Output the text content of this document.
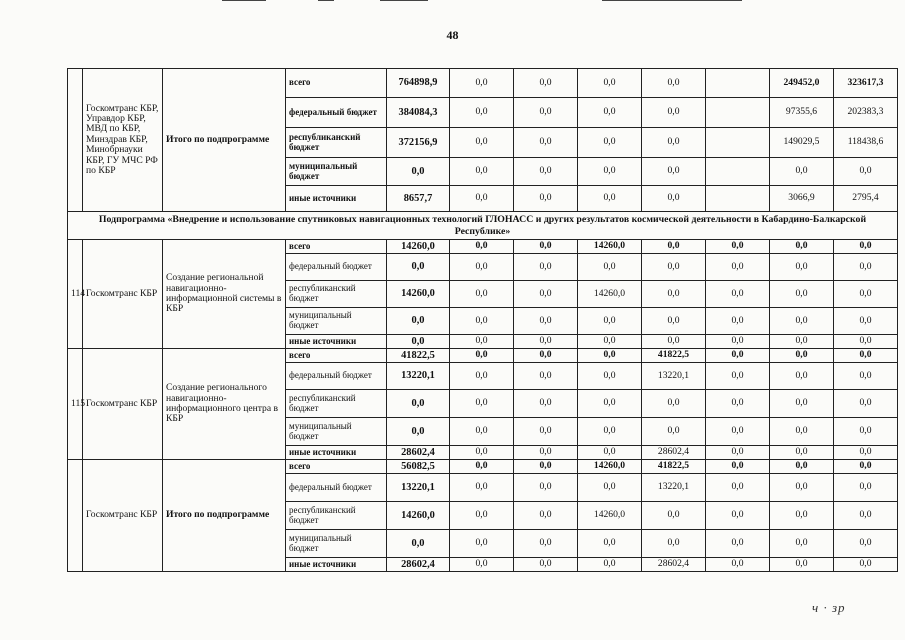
48
	Госкомтранс КБР, Управдор КБР, МВД по КБР, Минздрав КБР, Минобрнауки КБР, ГУ МЧС РФ по КБР	Итого по подпрограмме	всего	764898,9	0,0	0,0	0,0	0,0		249452,0	323617,3	
			федеральный бюджет	384084,3	0,0	0,0	0,0	0,0		97355,6	202383,3	
			республиканский бюджет	372156,9	0,0	0,0	0,0	0,0		149029,5	118438,6	
			муниципальный бюджет	0,0	0,0	0,0	0,0	0,0		0,0	0,0	
			иные источники	8657,7	0,0	0,0	0,0	0,0		3066,9	2795,4	
Подпрограмма «Внедрение и использование спутниковых навигационных технологий ГЛОНАСС и других результатов космической деятельности в Кабардино-Балкарской Республике»												
114	Госкомтранс КБР	Создание региональной навигационно-информационной системы в КБР	всего	14260,0	0,0	0,0	14260,0	0,0	0,0	0,0	0,0	
			федеральный бюджет	0,0	0,0	0,0	0,0	0,0	0,0	0,0	0,0	
			республиканский бюджет	14260,0	0,0	0,0	14260,0	0,0	0,0	0,0	0,0	
			муниципальный бюджет	0,0	0,0	0,0	0,0	0,0	0,0	0,0	0,0	
			иные источники	0,0	0,0	0,0	0,0	0,0	0,0	0,0	0,0	
115	Госкомтранс КБР	Создание регионального навигационно-информационного центра в КБР	всего	41822,5	0,0	0,0	0,0	41822,5	0,0	0,0	0,0	
			федеральный бюджет	13220,1	0,0	0,0	0,0	13220,1	0,0	0,0	0,0	
			республиканский бюджет	0,0	0,0	0,0	0,0	0,0	0,0	0,0	0,0	
			муниципальный бюджет	0,0	0,0	0,0	0,0	0,0	0,0	0,0	0,0	
			иные источники	28602,4	0,0	0,0	0,0	28602,4	0,0	0,0	0,0	
	Госкомтранс КБР	Итого по подпрограмме	всего	56082,5	0,0	0,0	14260,0	41822,5	0,0	0,0	0,0	
			федеральный бюджет	13220,1	0,0	0,0	0,0	13220,1	0,0	0,0	0,0	
			республиканский бюджет	14260,0	0,0	0,0	14260,0	0,0	0,0	0,0	0,0	
			муниципальный бюджет	0,0	0,0	0,0	0,0	0,0	0,0	0,0	0,0	
			иные источники	28602,4	0,0	0,0	0,0	28602,4	0,0	0,0	0,0	
ч · зр
